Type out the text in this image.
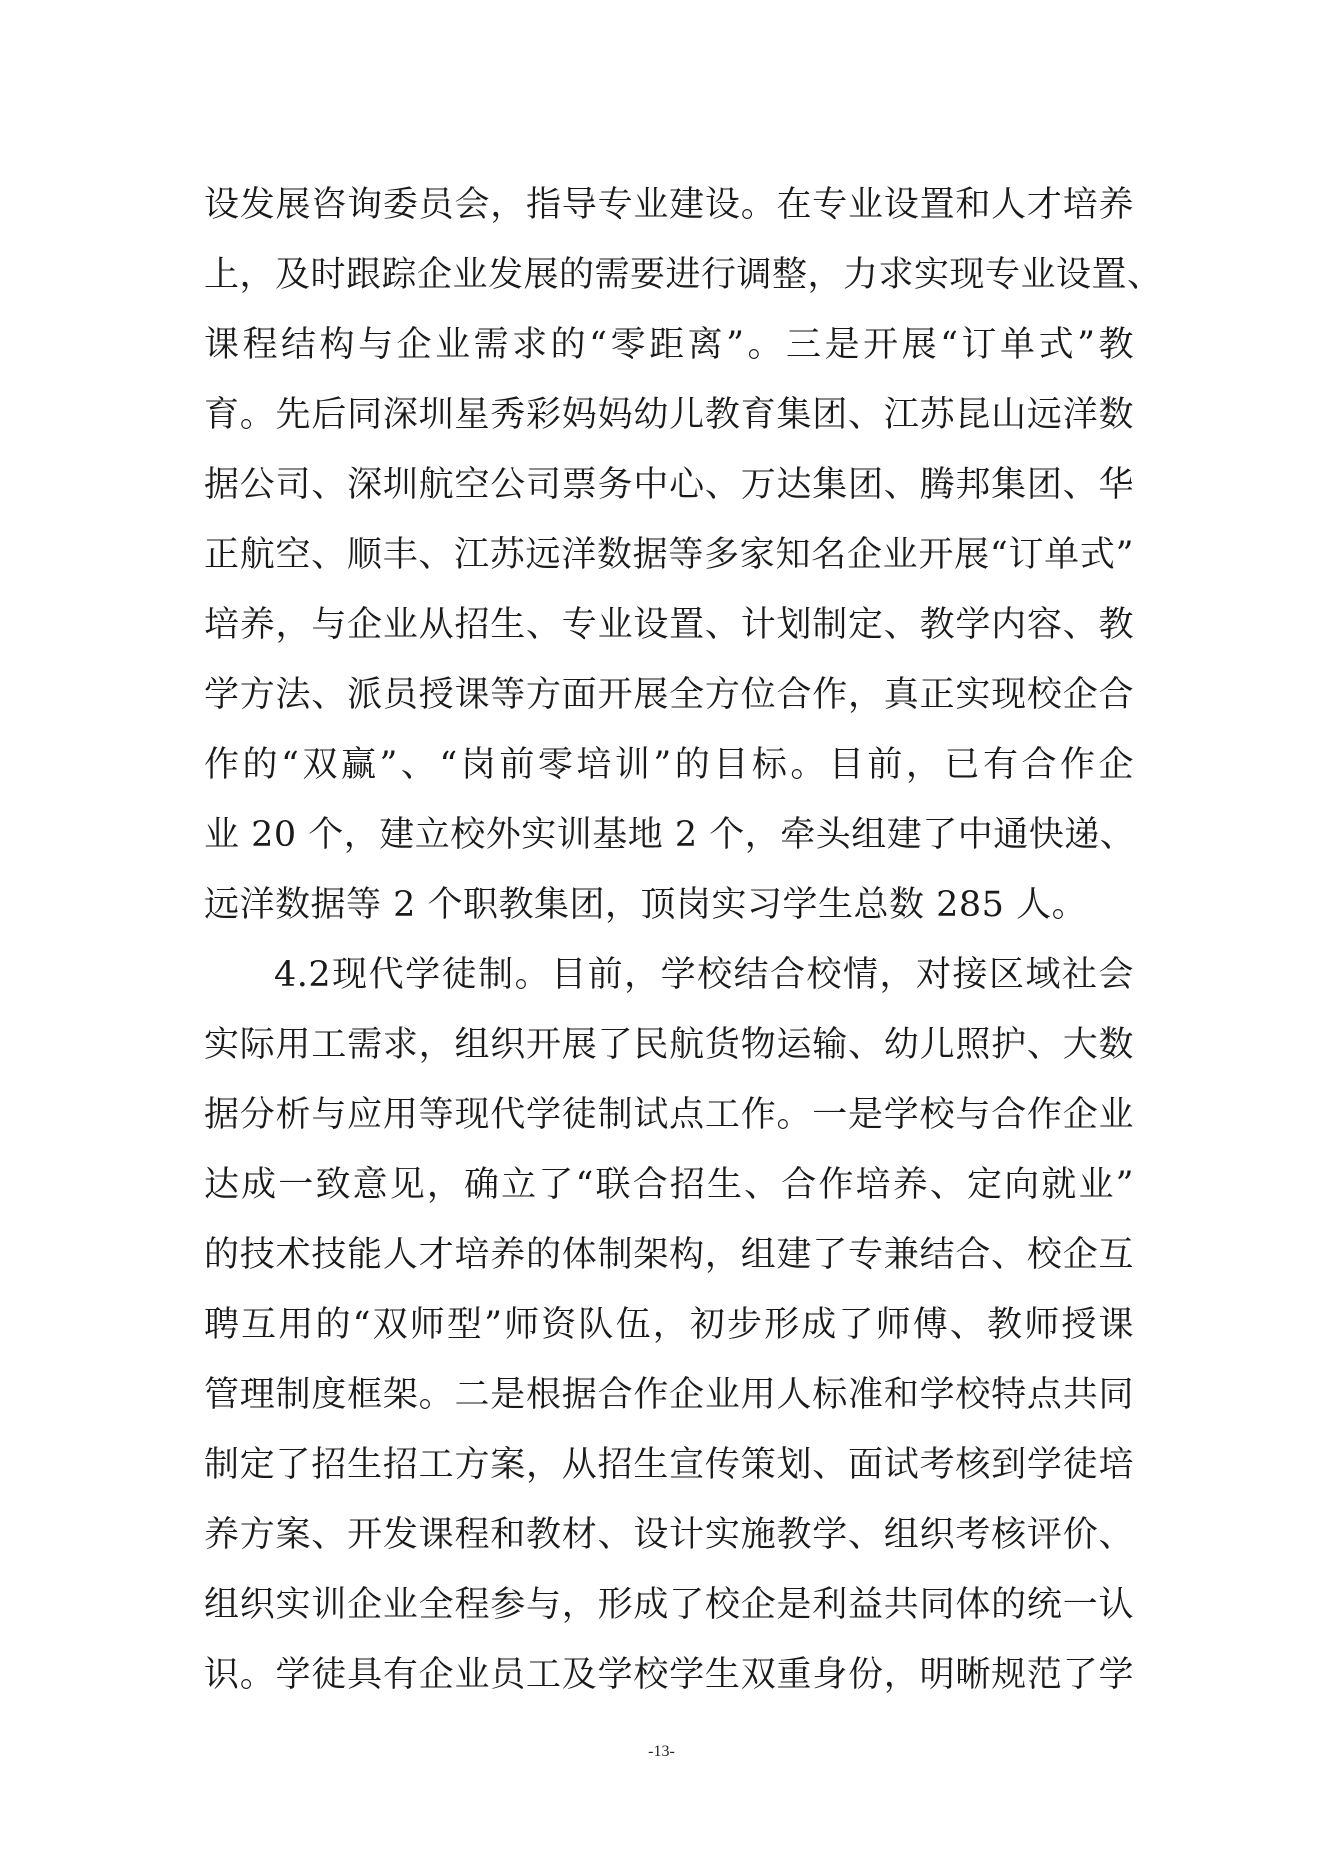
设发展咨询委员会，指导专业建设。在专业设置和人才培养
上，及时跟踪企业发展的需要进行调整，力求实现专业设置、
课程结构与企业需求的“零距离”。三是开展“订单式”教
育。先后同深圳星秀彩妈妈幼儿教育集团、江苏昆山远洋数
据公司、深圳航空公司票务中心、万达集团、腾邦集团、华
正航空、顺丰、江苏远洋数据等多家知名企业开展“订单式”
培养，与企业从招生、专业设置、计划制定、教学内容、教
学方法、派员授课等方面开展全方位合作，真正实现校企合
作的“双赢”、“岗前零培训”的目标。目前，已有合作企
业 20 个，建立校外实训基地 2 个，牵头组建了中通快递、
远洋数据等 2 个职教集团，顶岗实习学生总数 285 人。
4.2现代学徒制。目前，学校结合校情，对接区域社会
实际用工需求，组织开展了民航货物运输、幼儿照护、大数
据分析与应用等现代学徒制试点工作。一是学校与合作企业
达成一致意见，确立了“联合招生、合作培养、定向就业”
的技术技能人才培养的体制架构，组建了专兼结合、校企互
聘互用的“双师型”师资队伍，初步形成了师傅、教师授课
管理制度框架。二是根据合作企业用人标准和学校特点共同
制定了招生招工方案，从招生宣传策划、面试考核到学徒培
养方案、开发课程和教材、设计实施教学、组织考核评价、
组织实训企业全程参与，形成了校企是利益共同体的统一认
识。学徒具有企业员工及学校学生双重身份，明晰规范了学
-13-
